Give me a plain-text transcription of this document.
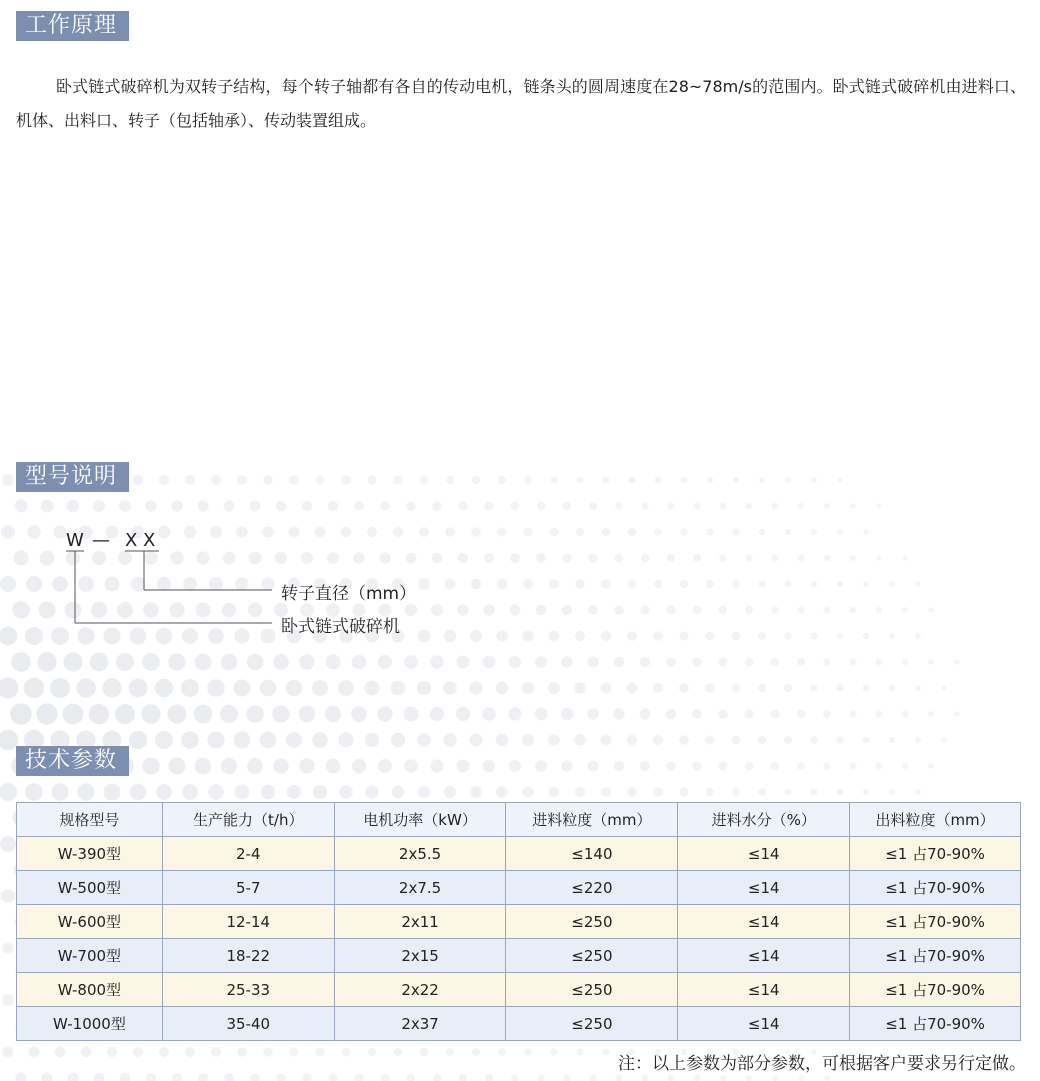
工作原理
卧式链式破碎机为双转子结构，每个转子轴都有各自的传动电机，链条头的圆周速度在28~78m/s的范围内。卧式链式破碎机由进料口、机体、出料口、转子（包括轴承）、传动装置组成。
型号说明
W — X X
转子直径（mm）
卧式链式破碎机
技术参数
规格型号	生产能力（t/h）	电机功率（kW）	进料粒度（mm）	进料水分（%）	出料粒度（mm）
W-390型	2-4	2x5.5	≤140	≤14	≤1 占70-90%
W-500型	5-7	2x7.5	≤220	≤14	≤1 占70-90%
W-600型	12-14	2x11	≤250	≤14	≤1 占70-90%
W-700型	18-22	2x15	≤250	≤14	≤1 占70-90%
W-800型	25-33	2x22	≤250	≤14	≤1 占70-90%
W-1000型	35-40	2x37	≤250	≤14	≤1 占70-90%
注：以上参数为部分参数，可根据客户要求另行定做。
